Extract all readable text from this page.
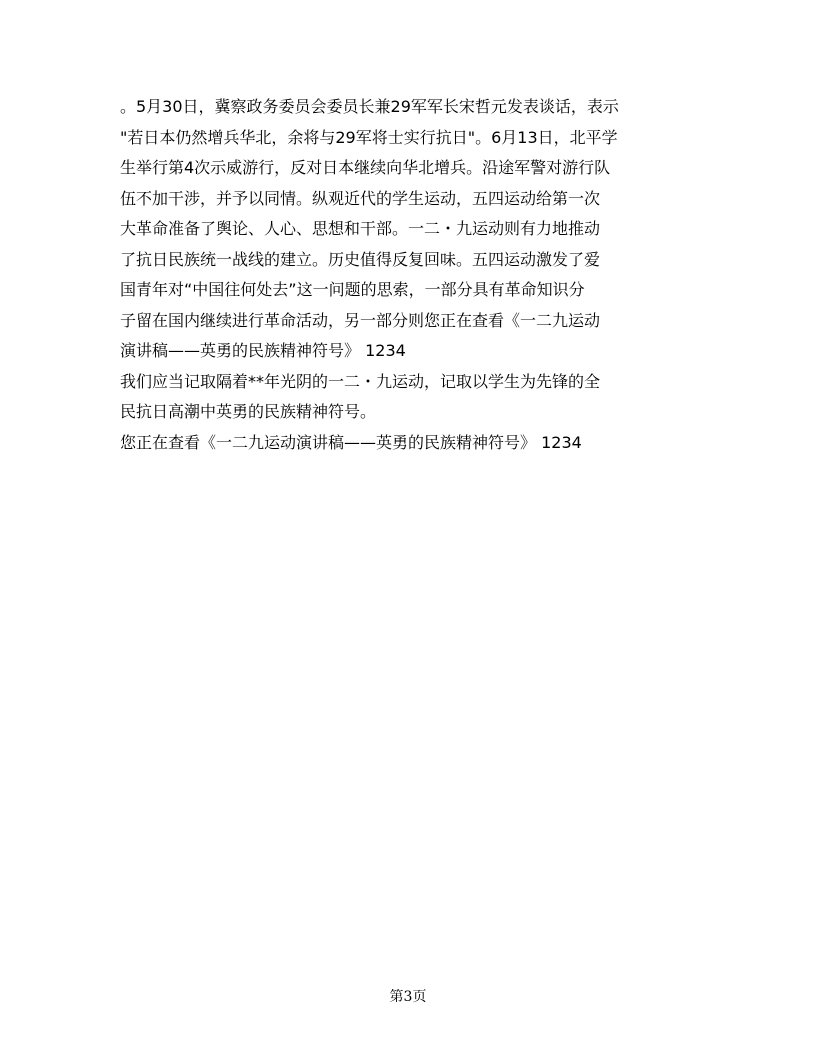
。5月30日，冀察政务委员会委员长兼29军军长宋哲元发表谈话，表示
"若日本仍然增兵华北，余将与29军将士实行抗日"。6月13日，北平学
生举行第4次示威游行，反对日本继续向华北增兵。沿途军警对游行队
伍不加干涉，并予以同情。纵观近代的学生运动，五四运动给第一次
大革命准备了舆论、人心、思想和干部。一二・九运动则有力地推动
了抗日民族统一战线的建立。历史值得反复回味。五四运动激发了爱
国青年对“中国往何处去”这一问题的思索，一部分具有革命知识分
子留在国内继续进行革命活动，另一部分则您正在查看《一二九运动
演讲稿——英勇的民族精神符号》 1234
我们应当记取隔着**年光阴的一二・九运动，记取以学生为先锋的全
民抗日高潮中英勇的民族精神符号。
您正在查看《一二九运动演讲稿——英勇的民族精神符号》 1234
第3页
